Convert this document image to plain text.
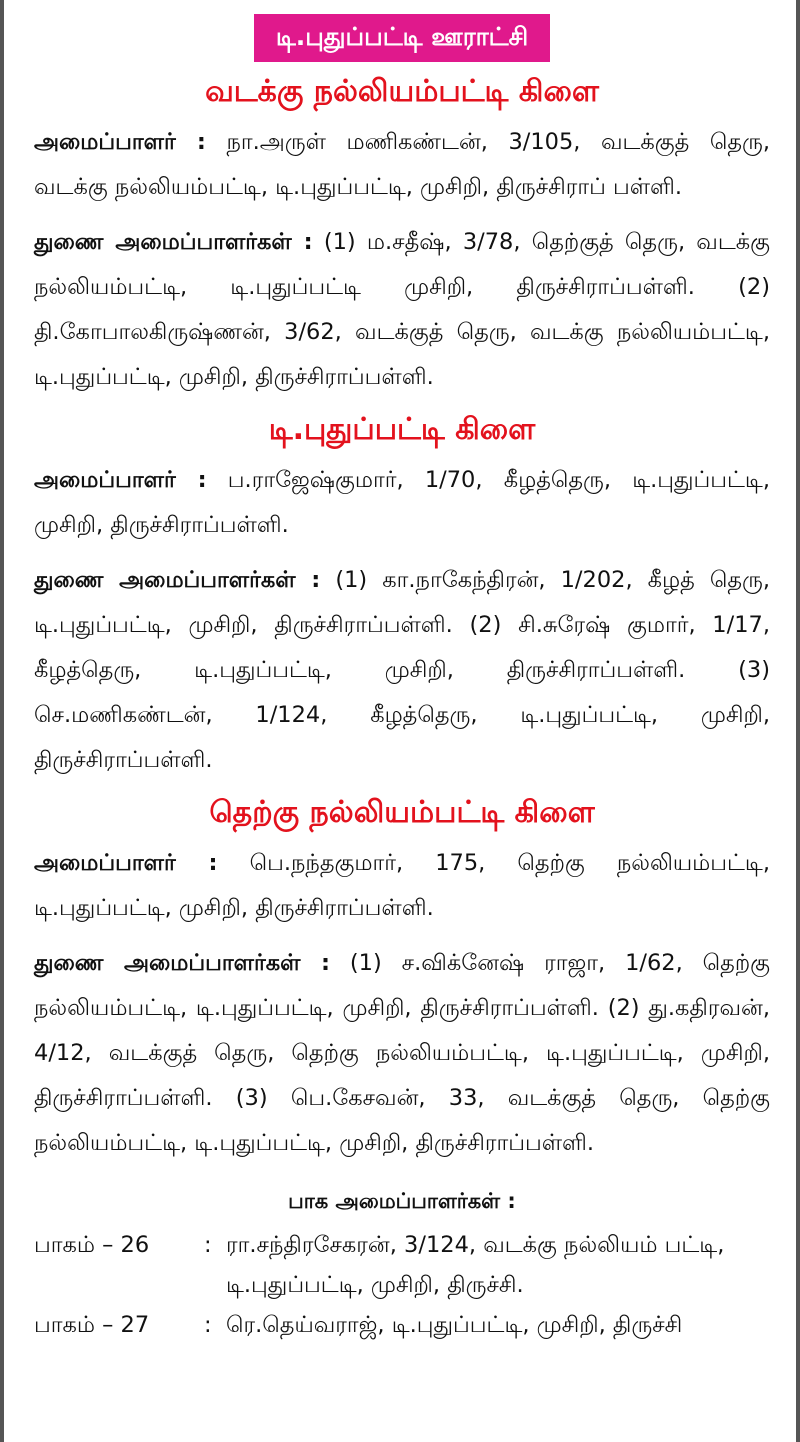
டி.புதுப்பட்டி ஊராட்சி
வடக்கு நல்லியம்பட்டி கிளை

அமைப்பாளர் : நா.அருள் மணிகண்டன், 3/105, வடக்குத் தெரு, வடக்கு நல்லியம்பட்டி, டி.புதுப்பட்டி, முசிறி, திருச்சிராப் பள்ளி.

துணை அமைப்பாளர்கள் : (1) ம.சதீஷ், 3/78, தெற்குத் தெரு, வடக்கு நல்லியம்பட்டி, டி.புதுப்பட்டி முசிறி, திருச்சிராப்பள்ளி. (2) தி.கோபாலகிருஷ்ணன், 3/62, வடக்குத் தெரு, வடக்கு நல்லியம்பட்டி, டி.புதுப்பட்டி, முசிறி, திருச்சிராப்பள்ளி.

டி.புதுப்பட்டி கிளை

அமைப்பாளர் : ப.ராஜேஷ்குமார், 1/70, கீழத்தெரு, டி.புதுப்பட்டி, முசிறி, திருச்சிராப்பள்ளி.

துணை அமைப்பாளர்கள் : (1) கா.நாகேந்திரன், 1/202, கீழத் தெரு, டி.புதுப்பட்டி, முசிறி, திருச்சிராப்பள்ளி. (2) சி.சுரேஷ் குமார், 1/17, கீழத்தெரு, டி.புதுப்பட்டி, முசிறி, திருச்சிராப்பள்ளி. (3) செ.மணிகண்டன், 1/124, கீழத்தெரு, டி.புதுப்பட்டி, முசிறி, திருச்சிராப்பள்ளி.

தெற்கு நல்லியம்பட்டி கிளை

அமைப்பாளர் : பெ.நந்தகுமார், 175, தெற்கு நல்லியம்பட்டி, டி.புதுப்பட்டி, முசிறி, திருச்சிராப்பள்ளி.

துணை அமைப்பாளர்கள் : (1) ச.விக்னேஷ் ராஜா, 1/62, தெற்கு நல்லியம்பட்டி, டி.புதுப்பட்டி, முசிறி, திருச்சிராப்பள்ளி. (2) து.கதிரவன், 4/12, வடக்குத் தெரு, தெற்கு நல்லியம்பட்டி, டி.புதுப்பட்டி, முசிறி, திருச்சிராப்பள்ளி. (3) பெ.கேசவன், 33, வடக்குத் தெரு, தெற்கு நல்லியம்பட்டி, டி.புதுப்பட்டி, முசிறி, திருச்சிராப்பள்ளி.

பாக அமைப்பாளர்கள் :
பாகம் – 26	: ரா.சந்திரசேகரன், 3/124, வடக்கு நல்லியம் பட்டி, டி.புதுப்பட்டி, முசிறி, திருச்சி.
பாகம் – 27	: ரெ.தெய்வராஜ், டி.புதுப்பட்டி, முசிறி, திருச்சி
